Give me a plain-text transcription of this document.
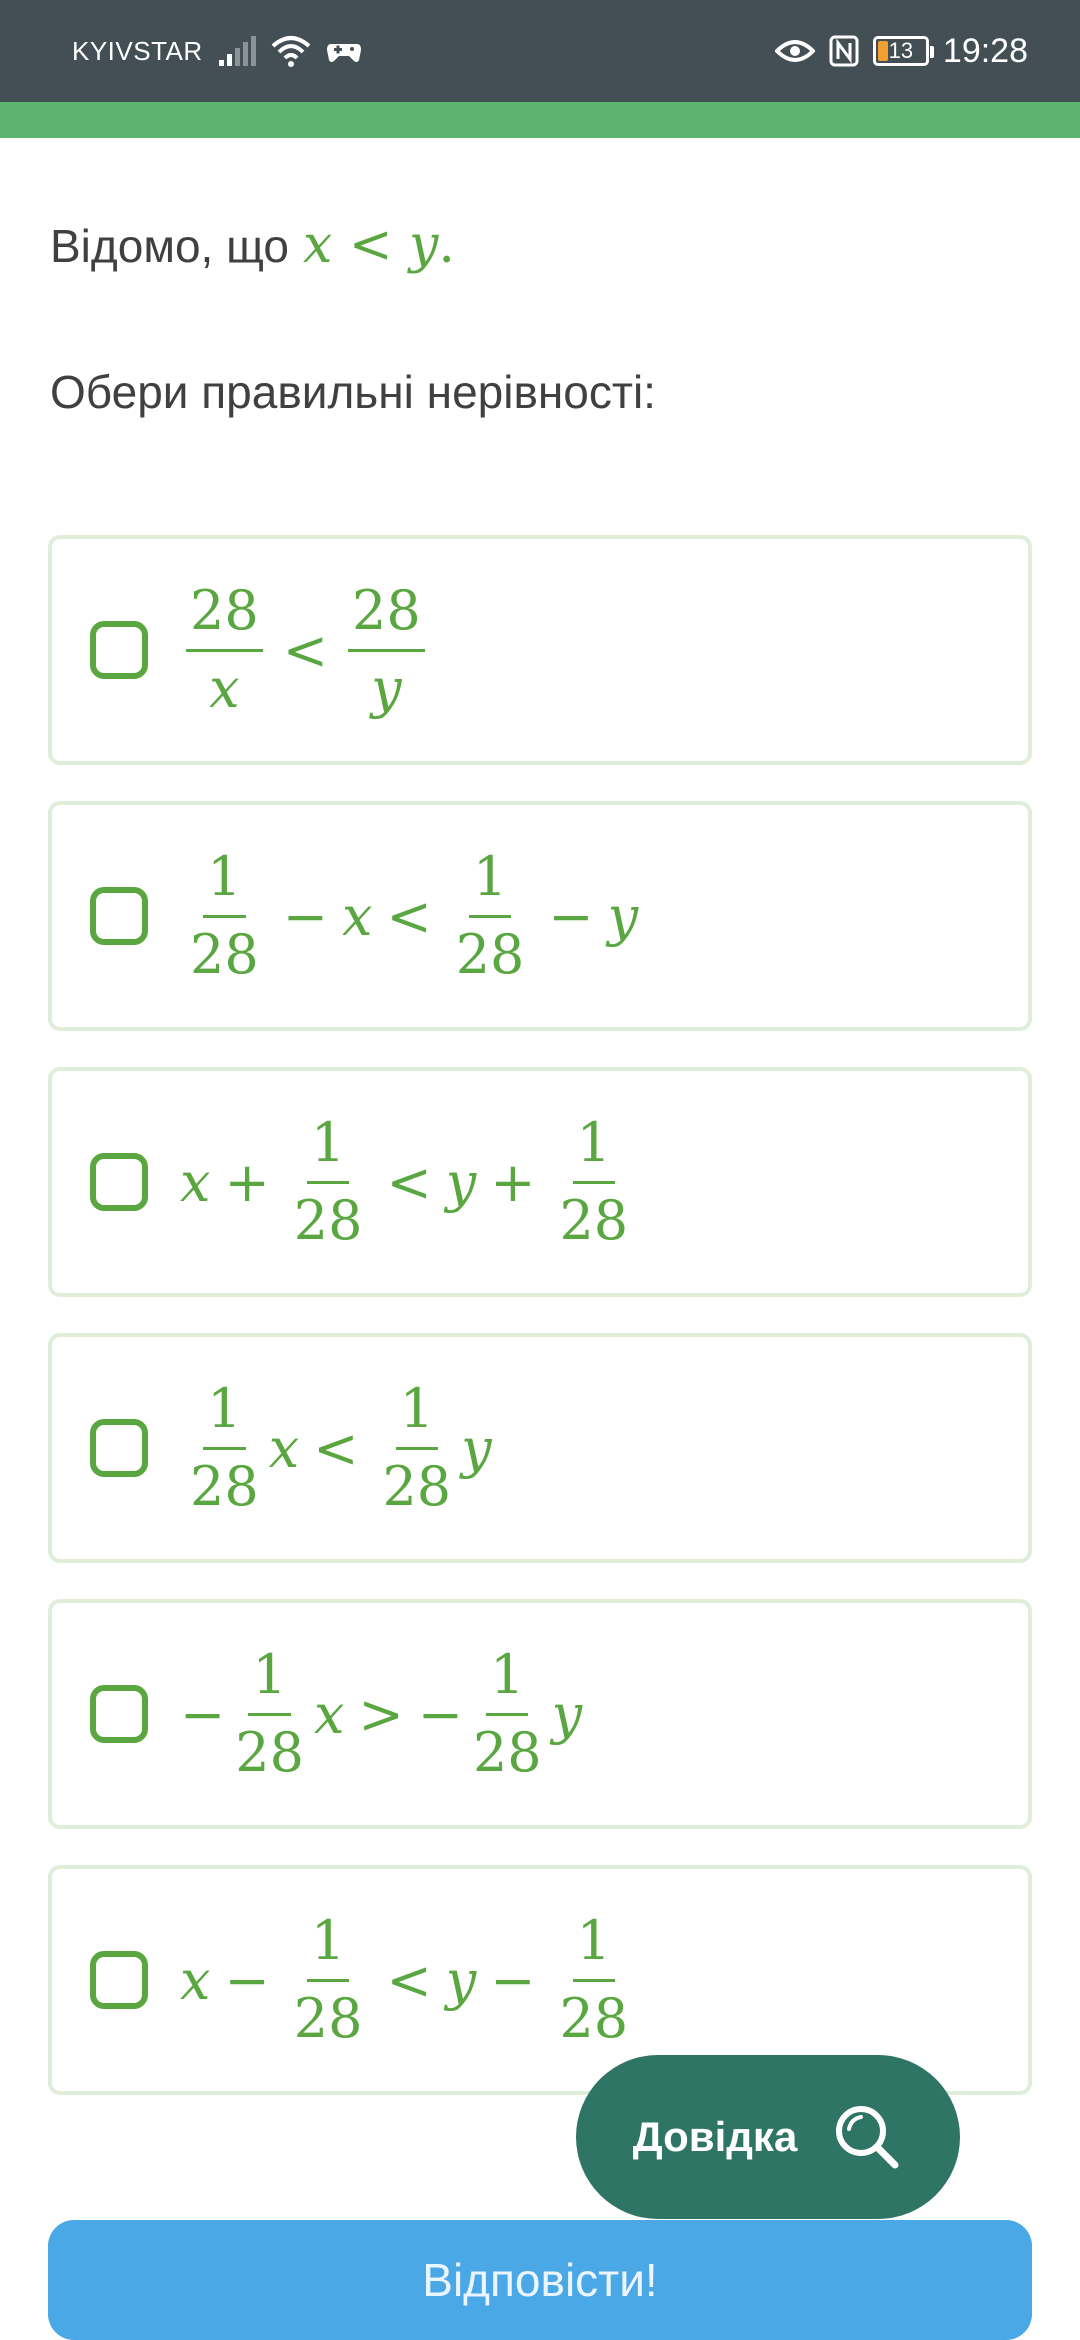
KYIVSTAR	13 19:28
Відомо, що x < y.
Обери правильні нерівності:
$\frac{28}{x} < \frac{28}{y}$
$\frac{1}{28} - x < \frac{1}{28} - y$
$x + \frac{1}{28} < y + \frac{1}{28}$
$\frac{1}{28}$ $x < \frac{1}{28}$ y
− $\frac{1}{28}$ x > − $\frac{1}{28}$ y
$x - \frac{1}{28} < y - \frac{1}{28}$
Довідка
Відповісти!
